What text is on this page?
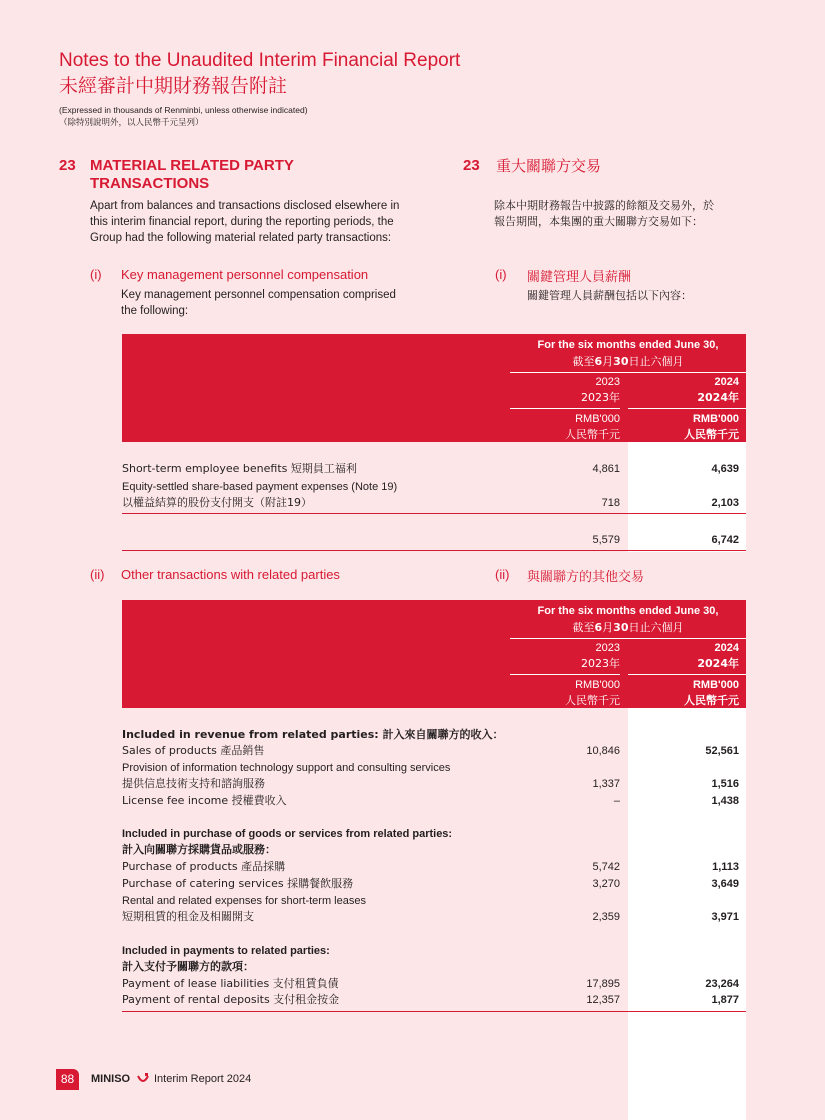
Notes to the Unaudited Interim Financial Report
未經審計中期財務報告附註
(Expressed in thousands of Renminbi, unless otherwise indicated)
（除特別說明外，以人民幣千元呈列）
23 MATERIAL RELATED PARTY
TRANSACTIONS
23 重大關聯方交易
Apart from balances and transactions disclosed elsewhere in
this interim financial report, during the reporting periods, the
Group had the following material related party transactions:
除本中期財務報告中披露的餘額及交易外，於
報告期間，本集團的重大關聯方交易如下：
(i) Key management personnel compensation
Key management personnel compensation comprised
the following:
(i) 關鍵管理人員薪酬
關鍵管理人員薪酬包括以下內容：
For the six months ended June 30,
截至6月30日止六個月
2023
2023年
2024
2024年
RMB'000
人民幣千元
RMB'000
人民幣千元
Short-term employee benefits 短期員工福利	4,861	4,639
Equity-settled share-based payment expenses (Note 19)
以權益結算的股份支付開支（附註19）	718	2,103
5,579	6,742
(ii) Other transactions with related parties	(ii) 與關聯方的其他交易
For the six months ended June 30,
截至6月30日止六個月
2023
2023年
2024
2024年
RMB'000
人民幣千元
RMB'000
人民幣千元
Included in revenue from related parties: 計入來自關聯方的收入：
Sales of products 產品銷售	10,846	52,561
Provision of information technology support and consulting services
提供信息技術支持和諮詢服務	1,337	1,516
License fee income 授權費收入	–	1,438
Included in purchase of goods or services from related parties:
計入向關聯方採購貨品或服務：
Purchase of products 產品採購	5,742	1,113
Purchase of catering services 採購餐飲服務	3,270	3,649
Rental and related expenses for short-term leases
短期租賃的租金及相關開支	2,359	3,971
Included in payments to related parties:
計入支付予關聯方的款項：
Payment of lease liabilities 支付租賃負債	17,895	23,264
Payment of rental deposits 支付租金按金	12,357	1,877
88	MINISO Interim Report 2024
